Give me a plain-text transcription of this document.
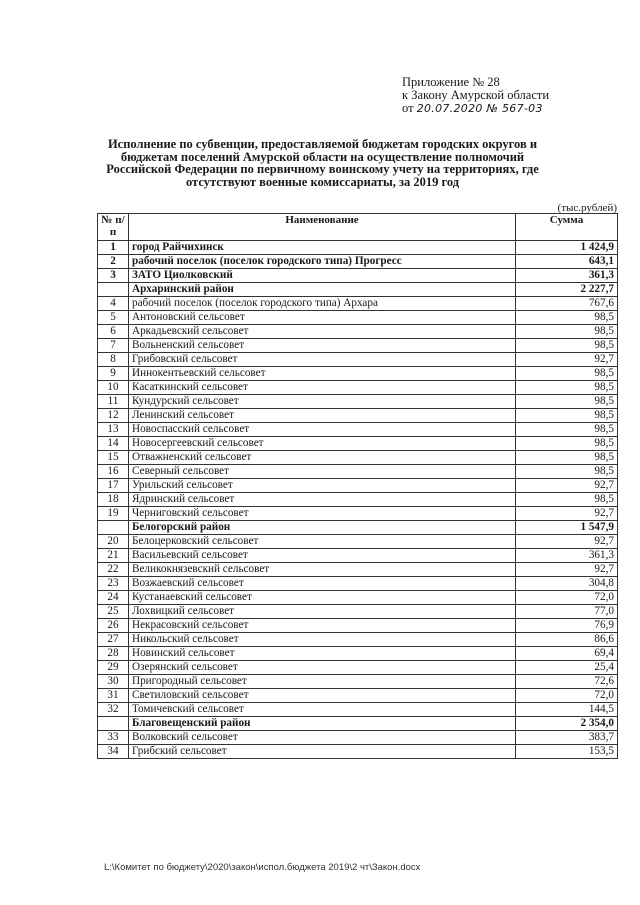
Приложение № 28
к Закону Амурской области
от 20.07.2020 № 567-03
Исполнение по субвенции, предоставляемой бюджетам городских округов и бюджетам поселений Амурской области на осуществление полномочий Российской Федерации по первичному воинскому учету на территориях, где отсутствуют военные комиссариаты, за 2019 год
(тыс.рублей)
№ п/п	Наименование	Сумма
1	город Райчихинск	1 424,9
2	рабочий поселок (поселок городского типа) Прогресс	643,1
3	ЗАТО Циолковский	361,3
	Архаринский район	2 227,7
4	рабочий поселок (поселок городского типа) Архара	767,6
5	Антоновский сельсовет	98,5
6	Аркадьевский сельсовет	98,5
7	Вольненский сельсовет	98,5
8	Грибовский сельсовет	92,7
9	Иннокентьевский сельсовет	98,5
10	Касаткинский сельсовет	98,5
11	Кундурский сельсовет	98,5
12	Ленинский сельсовет	98,5
13	Новоспасский сельсовет	98,5
14	Новосергеевский сельсовет	98,5
15	Отважненский сельсовет	98,5
16	Северный сельсовет	98,5
17	Урильский сельсовет	92,7
18	Ядринский сельсовет	98,5
19	Черниговский сельсовет	92,7
	Белогорский район	1 547,9
20	Белоцерковский сельсовет	92,7
21	Васильевский сельсовет	361,3
22	Великокнязевский сельсовет	92,7
23	Возжаевский сельсовет	304,8
24	Кустанаевский сельсовет	72,0
25	Лохвицкий сельсовет	77,0
26	Некрасовский сельсовет	76,9
27	Никольский сельсовет	86,6
28	Новинский сельсовет	69,4
29	Озерянский сельсовет	25,4
30	Пригородный сельсовет	72,6
31	Светиловский сельсовет	72,0
32	Томичевский сельсовет	144,5
	Благовещенский район	2 354,0
33	Волковский сельсовет	383,7
34	Грибский сельсовет	153,5
L:\Комитет по бюджету\2020\закон\испол.бюджета 2019\2 чт\Закон.docx
